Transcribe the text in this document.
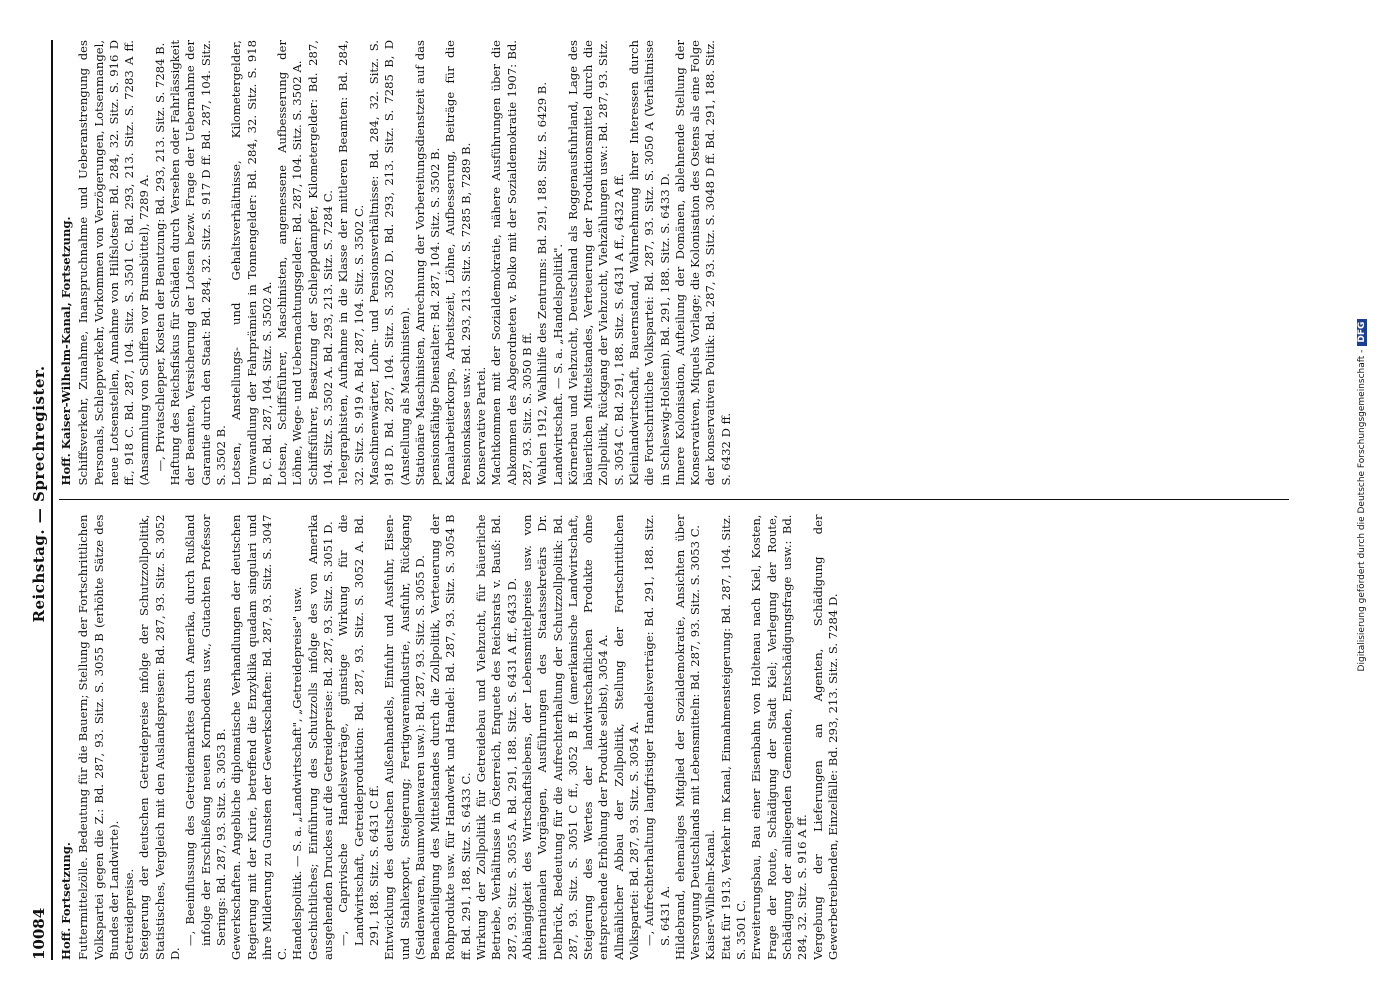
10084
Reichstag. — Sprechregister.
Hoff. Fortsetzung. Futtermittelzölle. Bedeutung für die Bauern; Stellung der Fortschrittlichen Volkspartei gegen die Z.: Bd. 287, 93. Sitz. S. 3055 B (erhöhte Sätze des Bundes der Landwirte). Getreidepreise. Steigerung der deutschen Getreidepreise infolge der Schutzzollpolitik, Statistisches, Vergleich mit den Auslandspreisen: Bd. 287, 93. Sitz. S. 3052 D.

—, Beeinflussung des Getreidemarktes durch Amerika, durch Rußland infolge der Erschließung neuen Kornbodens usw., Gutachten Professor Serings: Bd. 287, 93. Sitz. S. 3053 B. Gewerkschaften. Angebliche diplomatische Verhandlungen der deutschen Regierung mit der Kurie, betreffend die Enzyklika quadam singulari und ihre Milderung zu Gunsten der Gewerkschaften: Bd. 287, 93. Sitz. S. 3047 C. Handelspolitik. — S. a. „Landwirtschaft", „Getreidepreise" usw. Geschichtliches; Einführung des Schutzzolls infolge des von Amerika ausgehenden Druckes auf die Getreidepreise: Bd. 287, 93. Sitz. S. 3051 D. —, Caprivische Handelsverträge, günstige Wirkung für die Landwirtschaft, Getreideproduktion: Bd. 287, 93. Sitz. S. 3052 A. Bd. 291, 188. Sitz. S. 6431 C ff. Entwicklung des deutschen Außenhandels, Einfuhr und Ausfuhr, Eisen- und Stahlexport, Steigerung; Fertigwarenindustrie, Ausfuhr, Rückgang (Seidenwaren, Baumwollenwaren usw.): Bd. 287, 93. Sitz. S. 3055 D. Benachteiligung des Mittelstandes durch die Zollpolitik, Verteuerung der Rohprodukte usw. für Handwerk und Handel: Bd. 287, 93. Sitz. S. 3054 B ff. Bd. 291, 188. Sitz. S. 6433 C. Wirkung der Zollpolitik für Getreidebau und Viehzucht, für bäuerliche Betriebe, Verhältnisse in Österreich, Enquete des Reichsrats v. Bauß: Bd. 287, 93. Sitz. S. 3055 A. Bd. 291, 188. Sitz. S. 6431 A ff., 6433 D. Abhängigkeit des Wirtschaftslebens, der Lebensmittelpreise usw. von internationalen Vorgängen, Ausführungen des Staatssekretärs Dr. Delbrück, Bedeutung für die Aufrechterhaltung der Schutzzollpolitik: Bd. 287, 93. Sitz. S. 3051 C ff., 3052 B ff. (amerikanische Landwirtschaft, Steigerung des Wertes der landwirtschaftlichen Produkte ohne entsprechende Erhöhung der Produkte selbst), 3054 A. Allmählicher Abbau der Zollpolitik, Stellung der Fortschrittlichen Volkspartei: Bd. 287, 93. Sitz. S. 3054 A. —, Aufrechterhaltung langfristiger Handelsverträge: Bd. 291, 188. Sitz. S. 6431 A. Hildebrand, ehemaliges Mitglied der Sozialdemokratie, Ansichten über Versorgung Deutschlands mit Lebensmitteln: Bd. 287, 93. Sitz. S. 3053 C. Kaiser-Wilhelm-Kanal. Etat für 1913, Verkehr im Kanal, Einnahmensteigerung: Bd. 287, 104. Sitz. S. 3501 C. Erweiterungsbau, Bau einer Eisenbahn von Holtenau nach Kiel, Kosten, Frage der Route, Schädigung der Stadt Kiel; Verlegung der Route, Schädigung der anliegenden Gemeinden, Entschädigungsfrage usw.: Bd. 284, 32. Sitz. S. 916 A ff. Vergebung der Lieferungen an Agenten, Schädigung der Gewerbetreibenden, Einzelfälle: Bd. 293, 213. Sitz. S. 7284 D.

Hoff. Kaiser-Wilhelm-Kanal, Fortsetzung. Schiffsverkehr, Zunahme, Inanspruchnahme und Ueberanstrengung des Personals, Schleppverkehr, Vorkommen von Verzögerungen, Lotsenmangel, neue Lotsenstellen, Annahme von Hilfslotsen: Bd. 284, 32. Sitz. S. 916 D ff., 918 C. Bd. 287, 104. Sitz. S. 3501 C. Bd. 293, 213. Sitz. S. 7283 A ff. (Ansammlung von Schiffen vor Brunsbüttel), 7289 A. —, Privatschlepper, Kosten der Benutzung: Bd. 293, 213. Sitz. S. 7284 B. Haftung des Reichsfiskus für Schäden durch Versehen oder Fahrlässigkeit der Beamten, Versicherung der Lotsen bezw. Frage der Uebernahme der Garantie durch den Staat: Bd. 284, 32. Sitz. S. 917 D ff. Bd. 287, 104. Sitz. S. 3502 B. Lotsen, Anstellungs- und Gehaltsverhältnisse, Kilometergelder, Umwandlung der Fahrprämien in Tonnengelder: Bd. 284, 32. Sitz. S. 918 B, C. Bd. 287, 104. Sitz. S. 3502 A. Lotsen, Schiffsführer, Maschinisten, angemessene Aufbesserung der Löhne, Wege- und Uebernachtungsgelder: Bd. 287, 104. Sitz. S. 3502 A. Schiffsführer, Besatzung der Schleppdampfer, Kilometergelder: Bd. 287, 104. Sitz. S. 3502 A. Bd. 293, 213. Sitz. S. 7284 C. Telegraphisten, Aufnahme in die Klasse der mittleren Beamten: Bd. 284, 32. Sitz. S. 919 A. Bd. 287, 104. Sitz. S. 3502 C. Maschinenwärter, Lohn- und Pensionsverhältnisse: Bd. 284, 32. Sitz. S. 918 D. Bd. 287, 104. Sitz. S. 3502 D. Bd. 293, 213. Sitz. S. 7285 B, D (Anstellung als Maschinisten). Stationäre Maschinisten, Anrechnung der Vorbereitungsdienstzeit auf das pensionsfähige Dienstalter: Bd. 287, 104. Sitz. S. 3502 B. Kanalarbeiterkorps, Arbeitszeit, Löhne, Aufbesserung, Beiträge für die Pensionskasse usw.: Bd. 293, 213. Sitz. S. 7285 B, 7289 B. Konservative Partei. Machtkommen mit der Sozialdemokratie, nähere Ausführungen über die Abkommen des Abgeordneten v. Bolko mit der Sozialdemokratie 1907: Bd. 287, 93. Sitz. S. 3050 B ff. Wahlen 1912, Wahlhilfe des Zentrums: Bd. 291, 188. Sitz. S. 6429 B. Landwirtschaft. — S. a. „Handelspolitik". Körnerbau und Viehzucht, Deutschland als Roggenausfuhrland, Lage des bäuerlichen Mittelstandes, Verteuerung der Produktionsmittel durch die Zollpolitik, Rückgang der Viehzucht, Viehzählungen usw.: Bd. 287, 93. Sitz. S. 3054 C. Bd. 291, 188. Sitz. S. 6431 A ff., 6432 A ff. Kleinlandwirtschaft, Bauernstand, Wahrnehmung ihrer Interessen durch die Fortschrittliche Volkspartei: Bd. 287, 93. Sitz. S. 3050 A (Verhältnisse in Schleswig-Holstein). Bd. 291, 188. Sitz. S. 6433 D. Innere Kolonisation, Aufteilung der Domänen, ablehnende Stellung der Konservativen, Miquels Vorlage; die Kolonisation des Ostens als eine Folge der konservativen Politik: Bd. 287, 93. Sitz. S. 3048 D ff. Bd. 291, 188. Sitz. S. 6432 D ff.	Digitalisierung gefördert durch die Deutsche Forschungsgemeinschaft -DFG
